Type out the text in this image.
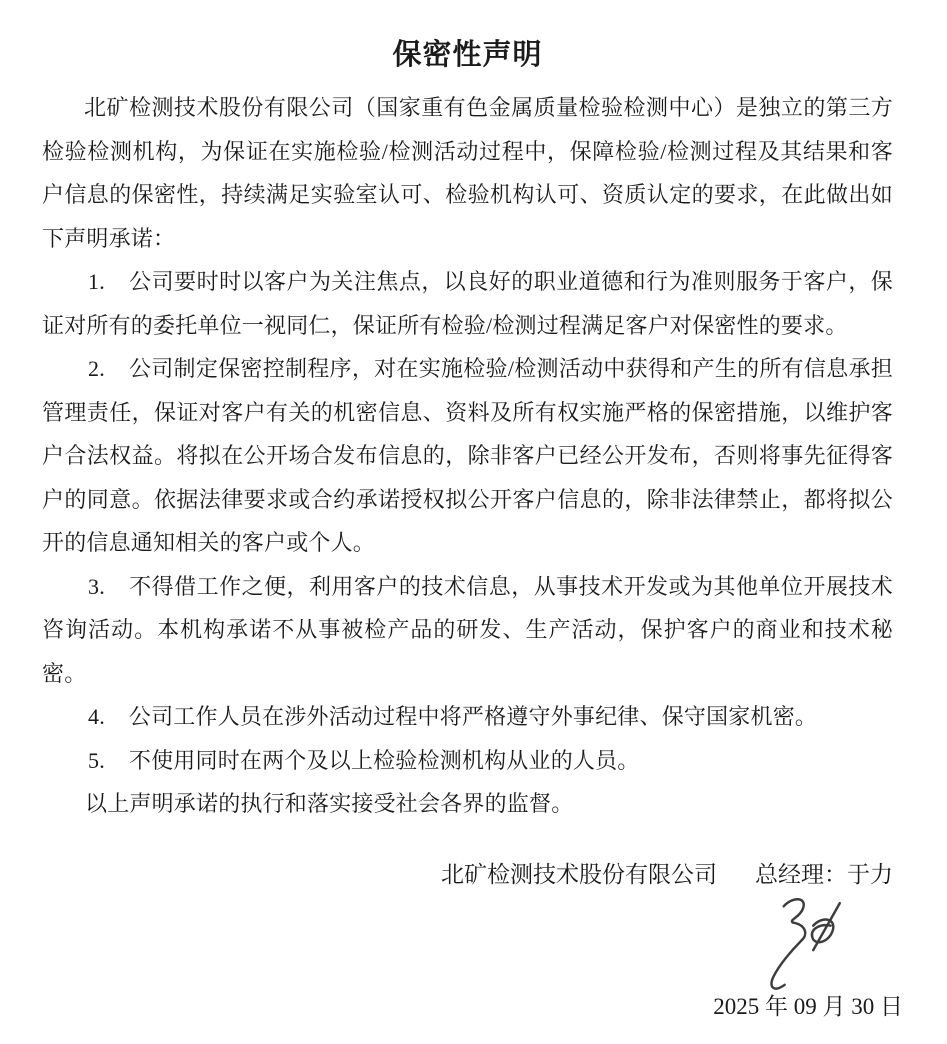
保密性声明

北矿检测技术股份有限公司（国家重有色金属质量检验检测中心）是独立的第三方检验检测机构，为保证在实施检验/检测活动过程中，保障检验/检测过程及其结果和客户信息的保密性，持续满足实验室认可、检验机构认可、资质认定的要求，在此做出如下声明承诺：

1. 公司要时时以客户为关注焦点，以良好的职业道德和行为准则服务于客户，保证对所有的委托单位一视同仁，保证所有检验/检测过程满足客户对保密性的要求。

2. 公司制定保密控制程序，对在实施检验/检测活动中获得和产生的所有信息承担管理责任，保证对客户有关的机密信息、资料及所有权实施严格的保密措施，以维护客户合法权益。将拟在公开场合发布信息的，除非客户已经公开发布，否则将事先征得客户的同意。依据法律要求或合约承诺授权拟公开客户信息的，除非法律禁止，都将拟公开的信息通知相关的客户或个人。

3. 不得借工作之便，利用客户的技术信息，从事技术开发或为其他单位开展技术咨询活动。本机构承诺不从事被检产品的研发、生产活动，保护客户的商业和技术秘密。

4. 公司工作人员在涉外活动过程中将严格遵守外事纪律、保守国家机密。

5. 不使用同时在两个及以上检验检测机构从业的人员。

以上声明承诺的执行和落实接受社会各界的监督。

北矿检测技术股份有限公司 总经理：于力
2025 年 09 月 30 日
